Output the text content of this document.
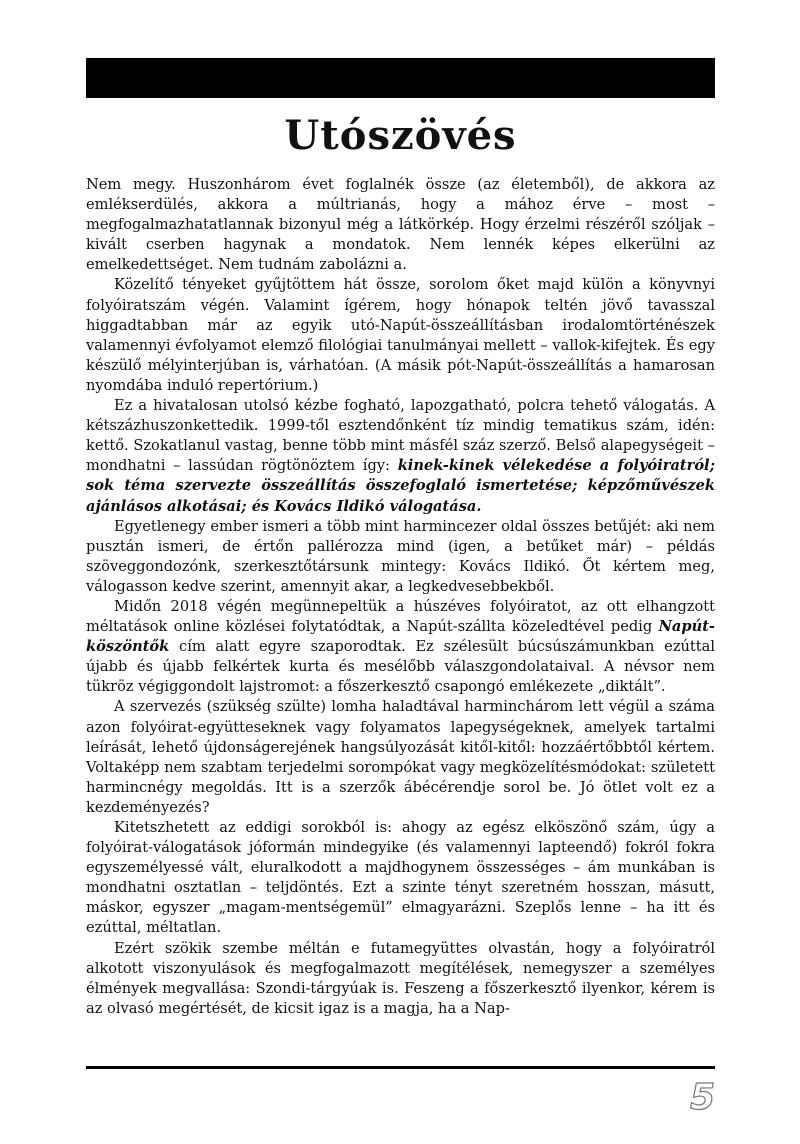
Utószövés

Nem megy. Huszonhárom évet foglalnék össze (az életemből), de akkora az emlékserdülés, akkora a múltrianás, hogy a mához érve – most – megfogalmazhatatlannak bizonyul még a látkörkép. Hogy érzelmi részéről szóljak – kivált cserben hagynak a mondatok. Nem lennék képes elkerülni az emelkedettséget. Nem tudnám zabolázni a.

Közelítő tényeket gyűjtöttem hát össze, sorolom őket majd külön a könyvnyi folyóiratszám végén. Valamint ígérem, hogy hónapok teltén jövő tavasszal higgadtabban már az egyik utó-Napút-összeállításban irodalomtörténészek valamennyi évfolyamot elemző filológiai tanulmányai mellett – vallok-kifejtek. És egy készülő mélyinterjúban is, várhatóan. (A másik pót-Napút-összeállítás a hamarosan nyomdába induló repertórium.)

Ez a hivatalosan utolsó kézbe fogható, lapozgatható, polcra tehető válogatás. A kétszázhuszonkettedik. 1999-től esztendőnként tíz mindig tematikus szám, idén: kettő. Szokatlanul vastag, benne több mint másfél száz szerző. Belső alapegységeit – mondhatni – lassúdan rögtönöztem így: kinek-kinek vélekedése a folyóiratról; sok téma szervezte összeállítás összefoglaló ismertetése; képzőművészek ajánlásos alkotásai; és Kovács Ildikó válogatása.

Egyetlenegy ember ismeri a több mint harmincezer oldal összes betűjét: aki nem pusztán ismeri, de értőn pallérozza mind (igen, a betűket már) – példás szöveggondozónk, szerkesztőtársunk mintegy: Kovács Ildikó. Őt kértem meg, válogasson kedve szerint, amennyit akar, a legkedvesebbekből.

Midőn 2018 végén megünnepeltük a húszéves folyóiratot, az ott elhangzott méltatások online közlései folytatódtak, a Napút-szállta közeledtével pedig Napút-köszöntők cím alatt egyre szaporodtak. Ez szélesült búcsúszámunkban ezúttal újabb és újabb felkértek kurta és mesélőbb válaszgondolataival. A névsor nem tükröz végiggondolt lajstromot: a főszerkesztő csapongó emlékezete „diktált”.

A szervezés (szükség szülte) lomha haladtával harminchárom lett végül a száma azon folyóirat-együtteseknek vagy folyamatos lapegységeknek, amelyek tartalmi leírását, lehető újdonságerejének hangsúlyozását kitől-kitől: hozzáértőbbtől kértem. Voltaképp nem szabtam terjedelmi sorompókat vagy megközelítésmódokat: született harmincnégy megoldás. Itt is a szerzők ábécérendje sorol be. Jó ötlet volt ez a kezdeményezés?

Kitetszhetett az eddigi sorokból is: ahogy az egész elköszönő szám, úgy a folyóirat-válogatások jóformán mindegyike (és valamennyi lapteendő) fokról fokra egyszemélyessé vált, eluralkodott a majdhogynem összességes – ám munkában is mondhatni osztatlan – teljdöntés. Ezt a szinte tényt szeretném hosszan, másutt, máskor, egyszer „magam-mentségemül” elmagyarázni. Szeplős lenne – ha itt és ezúttal, méltatlan.

Ezért szökik szembe méltán e futamegyüttes olvastán, hogy a folyóiratról alkotott viszonyulások és megfogalmazott megítélések, nemegyszer a személyes élmények megvallása: Szondi-tárgyúak is. Feszeng a főszerkesztő ilyenkor, kérem is az olvasó megértését, de kicsit igaz is a magja, ha a Nap-

5
